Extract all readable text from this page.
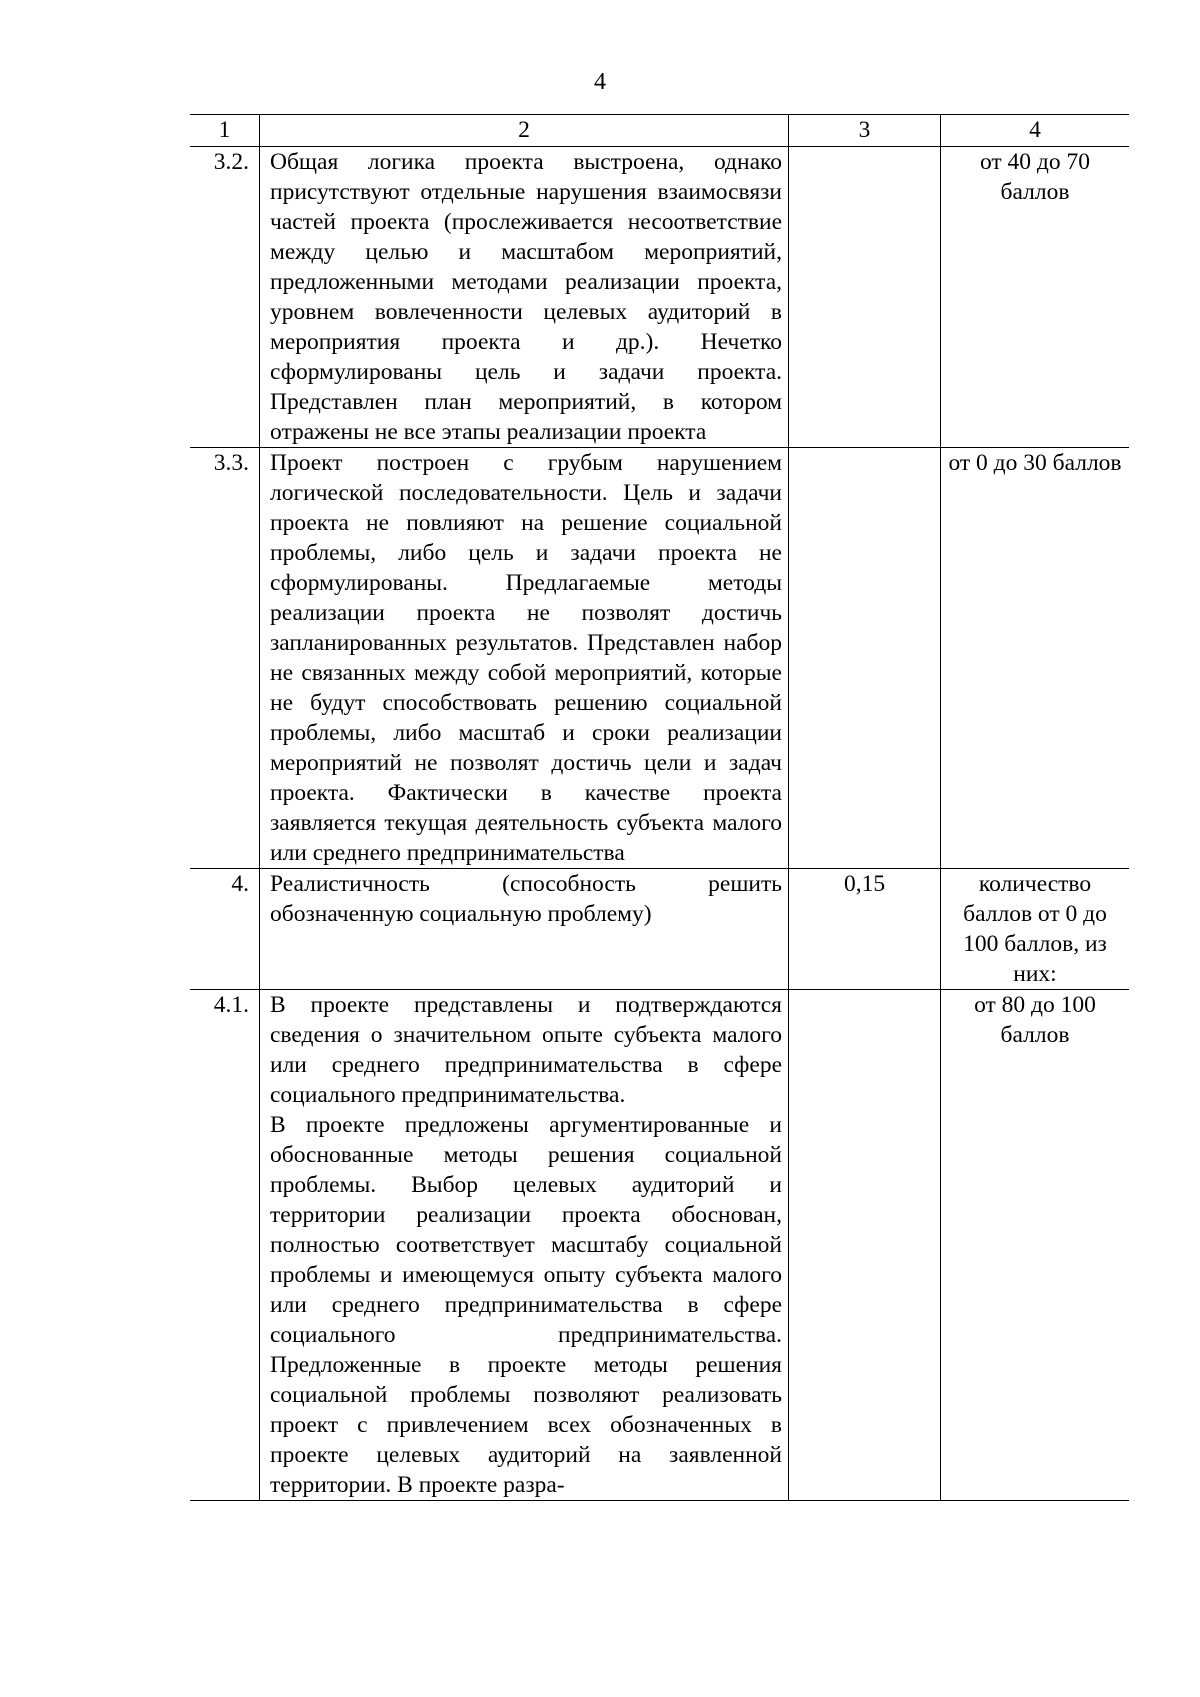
4
1	2	3	4
3.2.	Общая логика проекта выстроена, однако присутствуют отдельные нарушения взаимосвязи частей проекта (прослеживается несоответствие между целью и масштабом мероприятий, предложенными методами реализации проекта, уровнем вовлеченности целевых аудиторий в мероприятия проекта и др.). Нечетко сформулированы цель и задачи проекта. Представлен план мероприятий, в котором отражены не все этапы реализации проекта		от 40 до 70 баллов

3.3.	Проект построен с грубым нарушением логической последовательности. Цель и задачи проекта не повлияют на решение социальной проблемы, либо цель и задачи проекта не сформулированы. Предлагаемые методы реализации проекта не позволят достичь запланированных результатов. Представлен набор не связанных между собой мероприятий, которые не будут способствовать решению социальной проблемы, либо масштаб и сроки реализации мероприятий не позволят достичь цели и задач проекта. Фактически в качестве проекта заявляется текущая деятельность субъекта малого или среднего предпринимательства		от 0 до 30 баллов

4.	Реалистичность (способность решить обозначенную социальную проблему)	0,15	количество баллов от 0 до 100 баллов, из них:

4.1.	В проекте представлены и подтверждаются сведения о значительном опыте субъекта малого или среднего предпринимательства в сфере социального предпринимательства.
В проекте предложены аргументированные и обоснованные методы решения социальной проблемы. Выбор целевых аудиторий и территории реализации проекта обоснован, полностью соответствует масштабу социальной проблемы и имеющемуся опыту субъекта малого или среднего предпринимательства в сфере социального предпринимательства. Предложенные в проекте методы решения социальной проблемы позволяют реализовать проект с привлечением всех обозначенных в проекте целевых аудиторий на заявленной территории. В проекте разра-		от 80 до 100 баллов
